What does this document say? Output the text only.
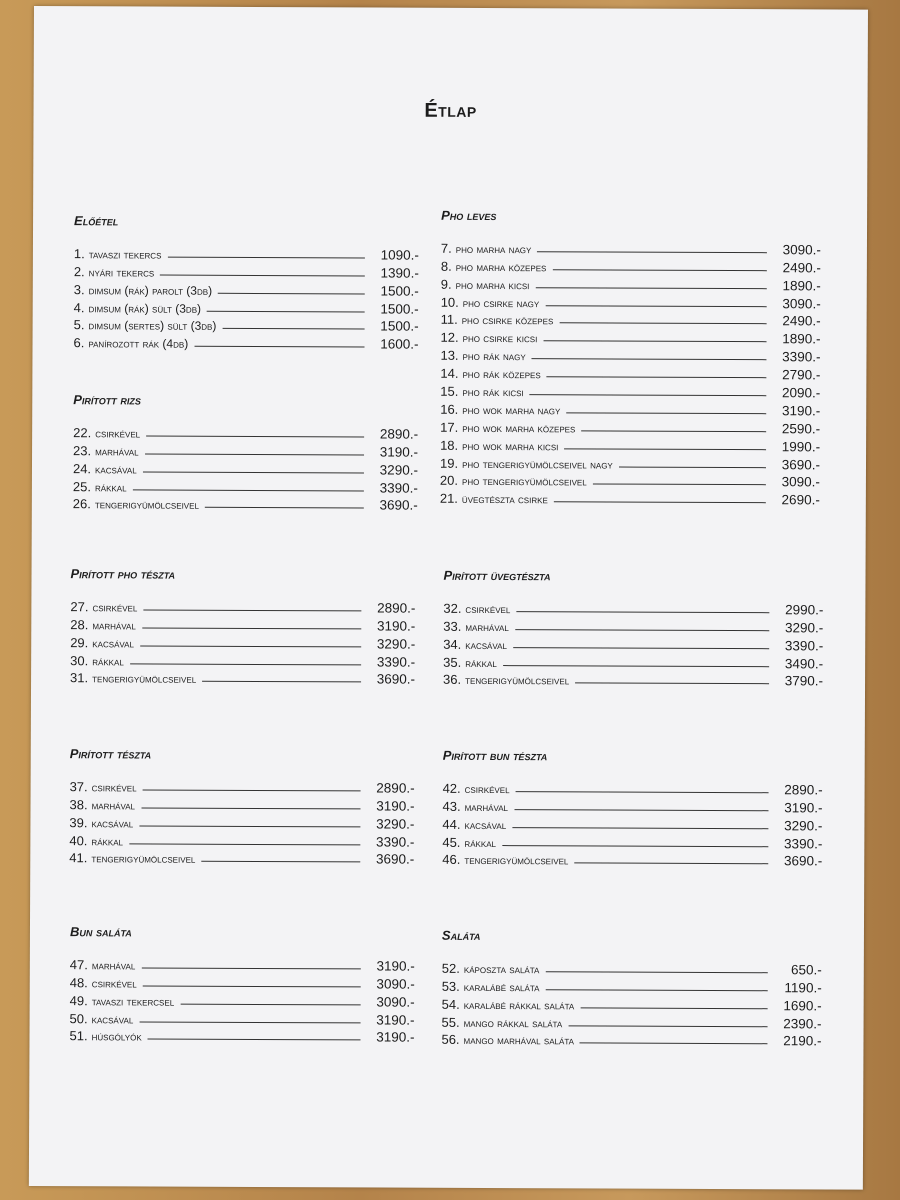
Étlap
Előétel
1. tavaszi tekercs	1090.-
2. nyári tekercs	1390.-
3. dimsum (rák) parolt (3db)	1500.-
4. dimsum (rák) sült (3db)	1500.-
5. dimsum (sertes) sült (3db)	1500.-
6. panírozott rák (4db)	1600.-
Pho leves
7. pho marha nagy	3090.-
8. pho marha közepes	2490.-
9. pho marha kicsi	1890.-
10. pho csirke nagy	3090.-
11. pho csirke közepes	2490.-
12. pho csirke kicsi	1890.-
13. pho rák nagy	3390.-
14. pho rák közepes	2790.-
15. pho rák kicsi	2090.-
16. pho wok marha nagy	3190.-
17. pho wok marha közepes	2590.-
18. pho wok marha kicsi	1990.-
19. pho tengerigyümölcseivel nagy	3690.-
20. pho tengerigyümölcseivel	3090.-
21. üvegtészta csirke	2690.-
Pirított rizs
22. csirkével	2890.-
23. marhával	3190.-
24. kacsával	3290.-
25. rákkal	3390.-
26. tengerigyümölcseivel	3690.-
Pirított pho tészta
27. csirkével	2890.-
28. marhával	3190.-
29. kacsával	3290.-
30. rákkal	3390.-
31. tengerigyümölcseivel	3690.-
Pirított üvegtészta
32. csirkével	2990.-
33. marhával	3290.-
34. kacsával	3390.-
35. rákkal	3490.-
36. tengerigyümölcseivel	3790.-
Pirított tészta
37. csirkével	2890.-
38. marhával	3190.-
39. kacsával	3290.-
40. rákkal	3390.-
41. tengerigyümölcseivel	3690.-
Pirított bun tészta
42. csirkével	2890.-
43. marhával	3190.-
44. kacsával	3290.-
45. rákkal	3390.-
46. tengerigyümölcseivel	3690.-
Bun saláta
47. marhával	3190.-
48. csirkével	3090.-
49. tavaszi tekercsel	3090.-
50. kacsával	3190.-
51. húsgólyók	3190.-
Saláta
52. káposzta saláta	650.-
53. karalábé saláta	1190.-
54. karalábé rákkal saláta	1690.-
55. mango rákkal saláta	2390.-
56. mango marhával saláta	2190.-
